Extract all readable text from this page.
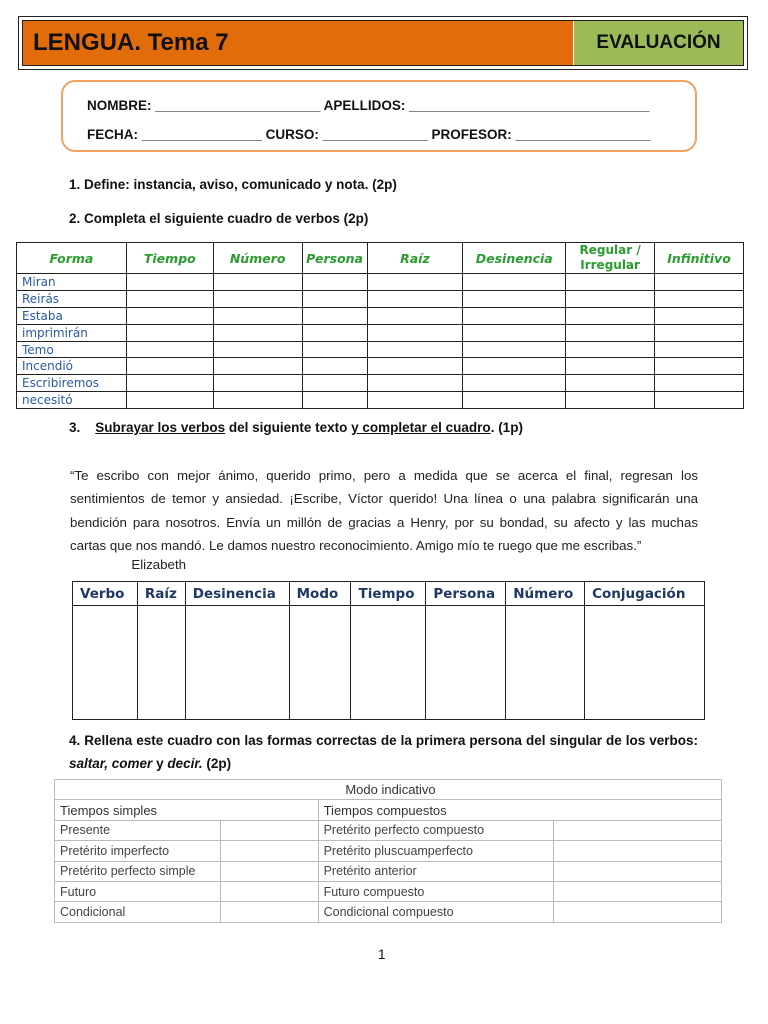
LENGUA. Tema 7	EVALUACIÓN
NOMBRE: ______________________ APELLIDOS: ________________________________
FECHA: ________________ CURSO: ______________ PROFESOR: __________________
1. Define: instancia, aviso, comunicado y nota. (2p)
2. Completa el siguiente cuadro de verbos (2p)
Forma	Tiempo	Número	Persona	Raíz	Desinencia	Regular / Irregular	Infinitivo
Miran							
Reirás							
Estaba							
imprimirán							
Temo							
Incendió							
Escribiremos							
necesitó							
3. Subrayar los verbos del siguiente texto y completar el cuadro. (1p)
“Te escribo con mejor ánimo, querido primo, pero a medida que se acerca el final, regresan los sentimientos de temor y ansiedad. ¡Escribe, Víctor querido! Una línea o una palabra significarán una bendición para nosotros. Envía un millón de gracias a Henry, por su bondad, su afecto y las muchas cartas que nos mandó. Le damos nuestro reconocimiento. Amigo mío te ruego que me escribas.”
Elizabeth
Verbo	Raíz	Desinencia	Modo	Tiempo	Persona	Número	Conjugación

4. Rellena este cuadro con las formas correctas de la primera persona del singular de los verbos: saltar, comer y decir. (2p)
Modo indicativo			
Tiempos simples		Tiempos compuestos	
Presente		Pretérito perfecto compuesto	
Pretérito imperfecto		Pretérito pluscuamperfecto	
Pretérito perfecto simple		Pretérito anterior	
Futuro		Futuro compuesto	
Condicional		Condicional compuesto	
1
